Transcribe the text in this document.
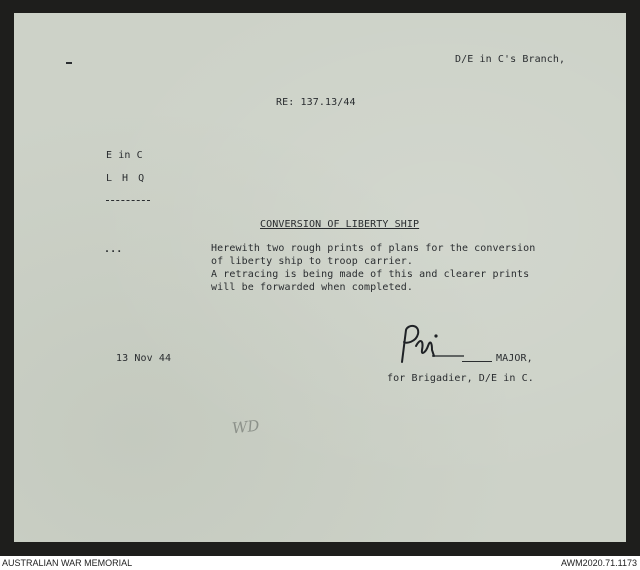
D/E in C's Branch,
RE: 137.13/44
E in C
L H Q
CONVERSION OF LIBERTY SHIP
...	Herewith two rough prints of plans for the conversion
of liberty ship to troop carrier.
A retracing is being made of this and clearer prints
will be forwarded when completed.
13 Nov 44	MAJOR,
for Brigadier, D/E in C.
WD
AUSTRALIAN WAR MEMORIAL	AWM2020.71.1173
